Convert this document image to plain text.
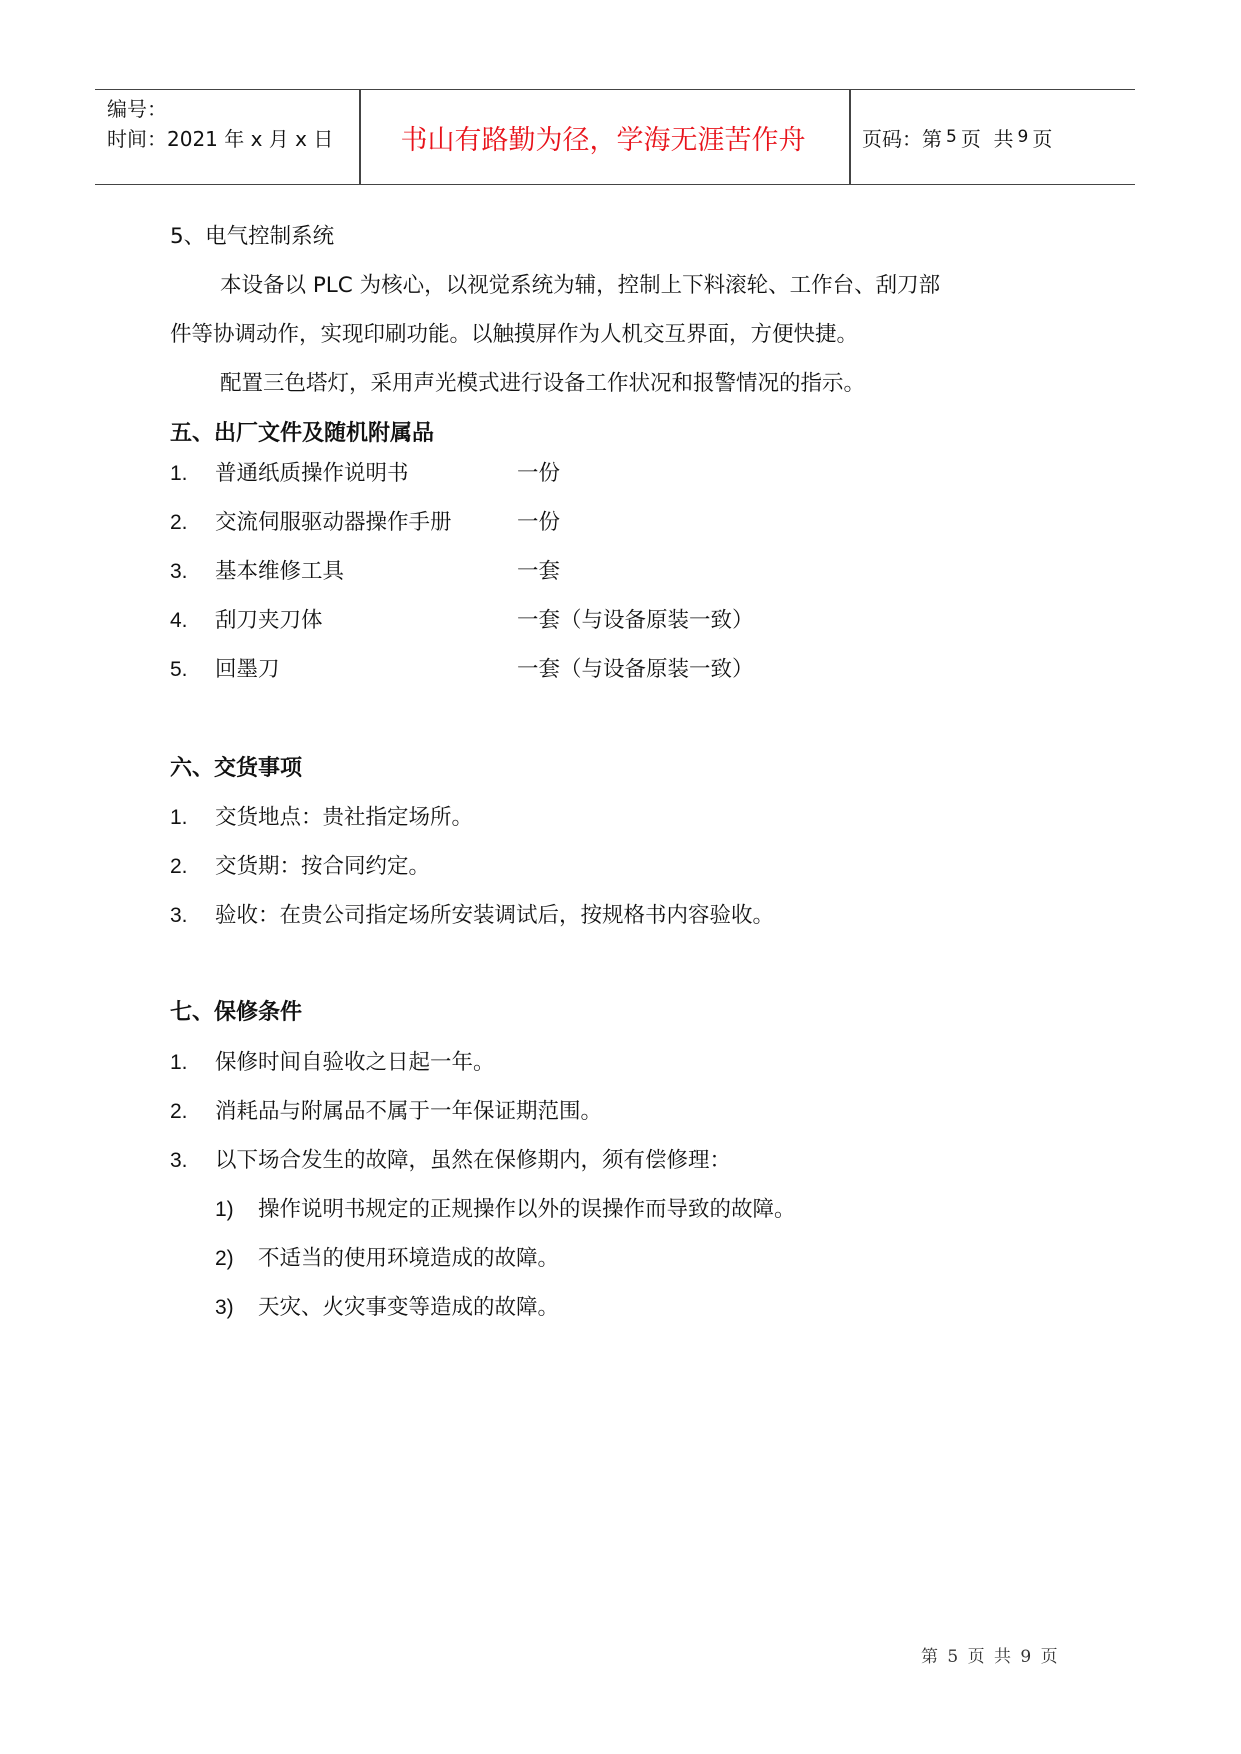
编号：
时间：2021 年 x 月 x 日	书山有路勤为径，学海无涯苦作舟	页码：第 5 页  共 9 页
5、电气控制系统
本设备以 PLC 为核心，以视觉系统为辅，控制上下料滚轮、工作台、刮刀部
件等协调动作，实现印刷功能。以触摸屏作为人机交互界面，方便快捷。
配置三色塔灯，采用声光模式进行设备工作状况和报警情况的指示。
五、出厂文件及随机附属品
1. 普通纸质操作说明书	一份
2. 交流伺服驱动器操作手册	一份
3. 基本维修工具	一套
4. 刮刀夹刀体	一套（与设备原装一致）
5. 回墨刀	一套（与设备原装一致）
六、交货事项
1. 交货地点：贵社指定场所。
2. 交货期：按合同约定。
3. 验收：在贵公司指定场所安装调试后，按规格书内容验收。
七、保修条件
1. 保修时间自验收之日起一年。
2. 消耗品与附属品不属于一年保证期范围。
3. 以下场合发生的故障，虽然在保修期内，须有偿修理：
1) 操作说明书规定的正规操作以外的误操作而导致的故障。
2) 不适当的使用环境造成的故障。
3) 天灾、火灾事变等造成的故障。
第 5 页 共 9 页
